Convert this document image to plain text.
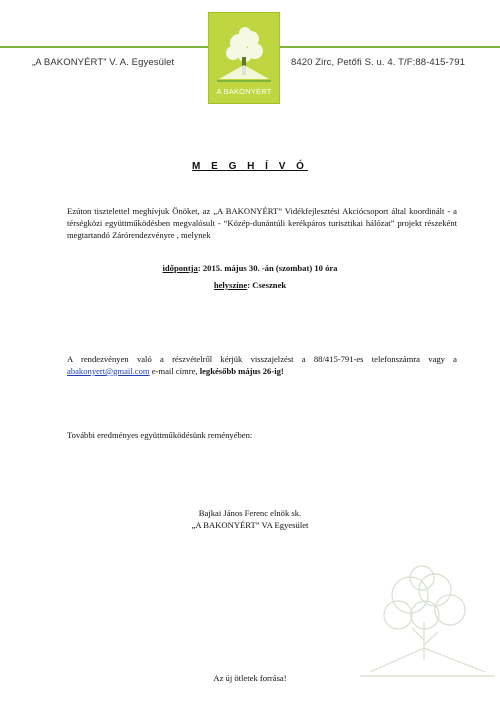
A BAKONYÉRT
„A BAKONYÉRT” V. A. Egyesület	8420 Zirc, Petőfi S. u. 4. T/F:88-415-791
M E G H Í V Ó

Ezúton tisztelettel meghívjuk Önöket, az „A BAKONYÉRT” Vidékfejlesztési Akciócsoport által koordinált - a térségközi együttműködésben megvalósult - “Közép-dunántúli kerékpáros turisztikai hálózat” projekt részeként megtartandó Zárórendezvényre , melynek

időpontja: 2015. május 30. -án (szombat) 10 óra
helyszíne: Csesznek

A rendezvényen való a részvételről kérjük visszajelzést a 88/415-791-es telefonszámra vagy a abakonyert@gmail.com e-mail címre, legkésőbb május 26-ig!

További eredményes együttműködésünk reményében:
Bajkai János Ferenc elnök sk.
„A BAKONYÉRT” VA Egyesület
Az új ötletek forrása!
